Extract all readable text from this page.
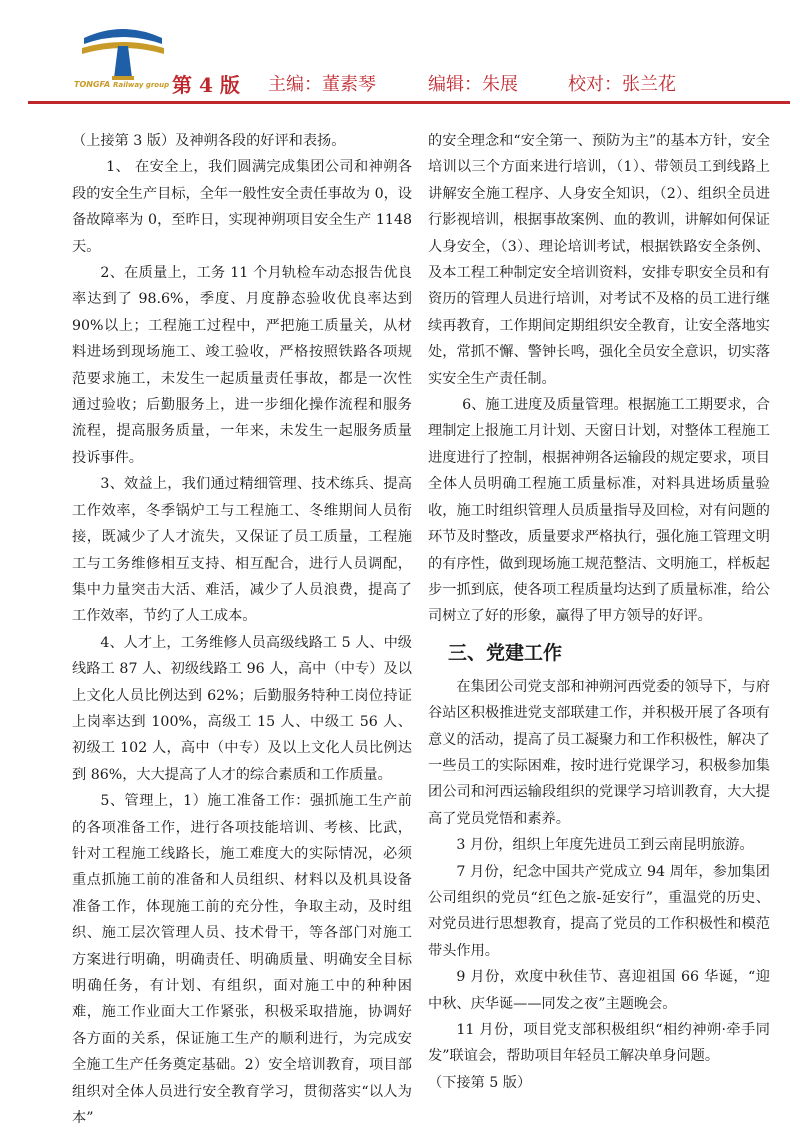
TONGFA Railway group 第 4 版 主编：董素琴	编辑：朱展	校对：张兰花

（上接第 3 版）及神朔各段的好评和表扬。

1、 在安全上，我们圆满完成集团公司和神朔各段的安全生产目标，全年一般性安全责任事故为 0，设备故障率为 0，至昨日，实现神朔项目安全生产 1148 天。

2、在质量上，工务 11 个月轨检车动态报告优良率达到了 98.6%，季度、月度静态验收优良率达到 90%以上；工程施工过程中，严把施工质量关，从材料进场到现场施工、竣工验收，严格按照铁路各项规范要求施工，未发生一起质量责任事故，都是一次性通过验收；后勤服务上，进一步细化操作流程和服务流程，提高服务质量，一年来，未发生一起服务质量投诉事件。

3、效益上，我们通过精细管理、技术练兵、提高工作效率，冬季锅炉工与工程施工、冬维期间人员衔接，既减少了人才流失，又保证了员工质量，工程施工与工务维修相互支持、相互配合，进行人员调配，集中力量突击大活、难活，减少了人员浪费，提高了工作效率，节约了人工成本。

4、人才上，工务维修人员高级线路工 5 人、中级线路工 87 人、初级线路工 96 人，高中（中专）及以上文化人员比例达到 62%；后勤服务特种工岗位持证上岗率达到 100%，高级工 15 人、中级工 56 人、初级工 102 人，高中（中专）及以上文化人员比例达到 86%，大大提高了人才的综合素质和工作质量。

5、管理上，1）施工准备工作：强抓施工生产前的各项准备工作，进行各项技能培训、考核、比武，针对工程施工线路长，施工难度大的实际情况，必须重点抓施工前的准备和人员组织、材料以及机具设备准备工作，体现施工前的充分性，争取主动，及时组织、施工层次管理人员、技术骨干，等各部门对施工方案进行明确，明确责任、明确质量、明确安全目标明确任务，有计划、有组织，面对施工中的种种困难，施工作业面大工作紧张，积极采取措施，协调好各方面的关系，保证施工生产的顺利进行，为完成安全施工生产任务奠定基础。2）安全培训教育，项目部组织对全体人员进行安全教育学习，贯彻落实“以人为本”

的安全理念和“安全第一、预防为主”的基本方针，安全培训以三个方面来进行培训，（1）、带领员工到线路上讲解安全施工程序、人身安全知识，（2）、组织全员进行影视培训，根据事故案例、血的教训，讲解如何保证人身安全，（3）、理论培训考试，根据铁路安全条例、及本工程工种制定安全培训资料，安排专职安全员和有资历的管理人员进行培训，对考试不及格的员工进行继续再教育，工作期间定期组织安全教育，让安全落地实处，常抓不懈、警钟长鸣，强化全员安全意识，切实落实安全生产责任制。

6、施工进度及质量管理。根据施工工期要求，合理制定上报施工月计划、天窗日计划，对整体工程施工进度进行了控制，根据神朔各运输段的规定要求，项目全体人员明确工程施工质量标准，对料具进场质量验收，施工时组织管理人员质量指导及回检，对有问题的环节及时整改，质量要求严格执行，强化施工管理文明的有序性，做到现场施工规范整洁、文明施工，样板起步一抓到底，使各项工程质量均达到了质量标准，给公司树立了好的形象，赢得了甲方领导的好评。

三、党建工作

在集团公司党支部和神朔河西党委的领导下，与府谷站区积极推进党支部联建工作，并积极开展了各项有意义的活动，提高了员工凝聚力和工作积极性，解决了一些员工的实际困难，按时进行党课学习，积极参加集团公司和河西运输段组织的党课学习培训教育，大大提高了党员党悟和素养。

3 月份，组织上年度先进员工到云南昆明旅游。

7 月份，纪念中国共产党成立 94 周年，参加集团公司组织的党员“红色之旅-延安行”，重温党的历史、对党员进行思想教育，提高了党员的工作积极性和模范带头作用。

9 月份，欢度中秋佳节、喜迎祖国 66 华诞，“迎中秋、庆华诞——同发之夜”主题晚会。

11 月份，项目党支部积极组织“相约神朔·牵手同发”联谊会，帮助项目年轻员工解决单身问题。

（下接第 5 版）
